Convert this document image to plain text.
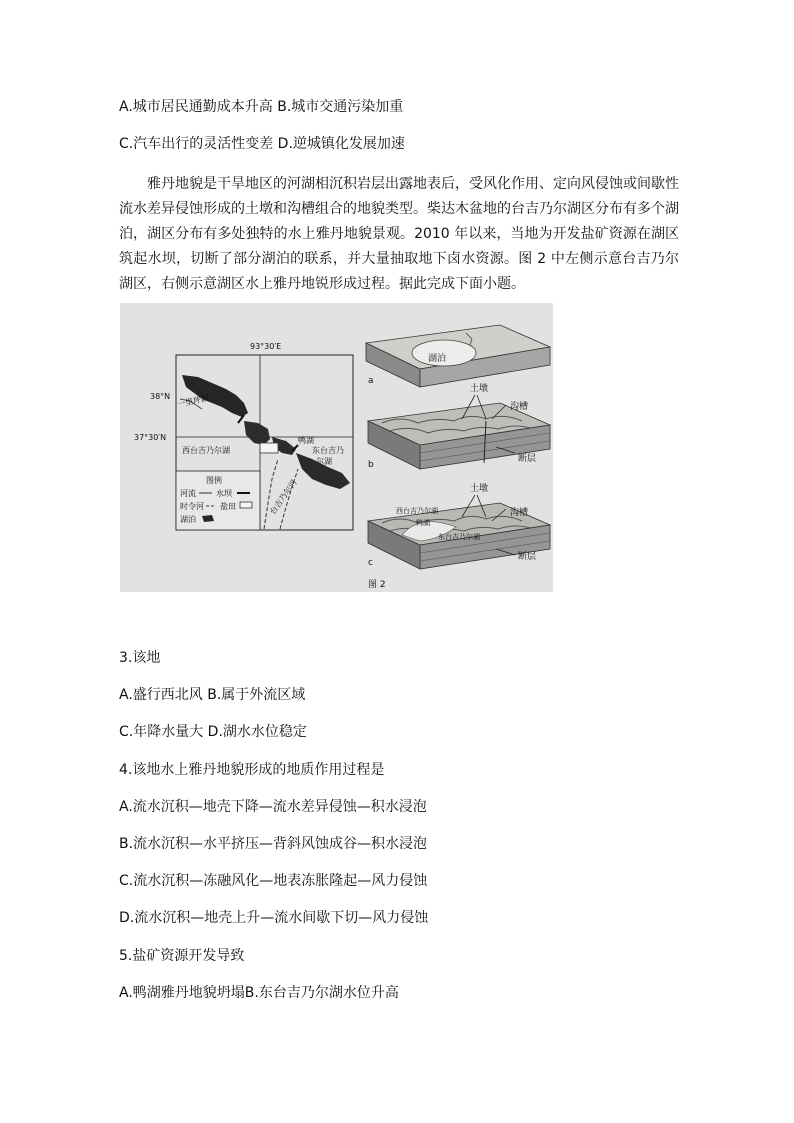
A.城市居民通勤成本升高 B.城市交通污染加重
C.汽车出行的灵活性变差 D.逆城镇化发展加速
雅丹地貌是干旱地区的河湖相沉积岩层出露地表后，受风化作用、定向风侵蚀或间歇性流水差异侵蚀形成的土墩和沟槽组合的地貌类型。柴达木盆地的台吉乃尔湖区分布有多个湖泊，湖区分布有多处独特的水上雅丹地貌景观。2010 年以来，当地为开发盐矿资源在湖区筑起水坝，切断了部分湖泊的联系，并大量抽取地下卤水资源。图 2 中左侧示意台吉乃尔湖区，右侧示意湖区水上雅丹地锐形成过程。据此完成下面小题。
93°30′E
38°N
37°30′N
一里坪湖
西台吉乃尔湖
鸭湖
东台吉乃
尔湖
台吉乃尔河
图例
河流	水坝
时令河 盐田
湖泊
湖泊
a
土墩
沟槽
断层
b
西台吉乃尔湖
鸭湖
东台吉乃尔湖
土墩
沟槽
断层
c
图 2
3.该地
A.盛行西北风 B.属于外流区域
C.年降水量大 D.湖水水位稳定
4.该地水上雅丹地貌形成的地质作用过程是
A.流水沉积—地壳下降—流水差异侵蚀—积水浸泡
B.流水沉积—水平挤压—背斜风蚀成谷—积水浸泡
C.流水沉积—冻融风化—地表冻胀隆起—风力侵蚀
D.流水沉积—地壳上升—流水间歇下切—风力侵蚀
5.盐矿资源开发导致
A.鸭湖雅丹地貌坍塌B.东台吉乃尔湖水位升高
